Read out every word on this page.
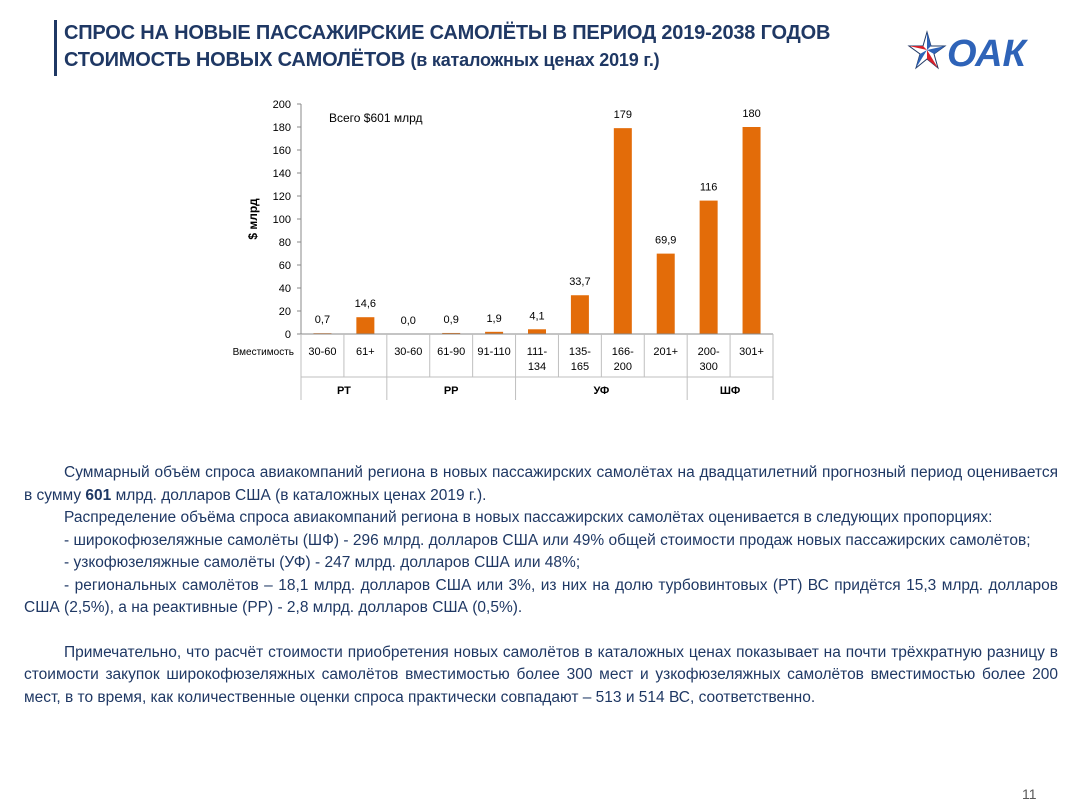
СПРОС НА НОВЫЕ ПАССАЖИРСКИЕ САМОЛЁТЫ В ПЕРИОД 2019-2038 ГОДОВ
СТОИМОСТЬ НОВЫХ САМОЛЁТОВ (в каталожных ценах 2019 г.)	ОАК
0
20
40
60
80
100
120
140
160
180
200
$ млрд
Всего $601 млрд
0,7
14,6
0,0	0,9	1,9	4,1
33,7
179
69,9
116
180
30-60 61+ 30-60 61-90 91-110 111-
134
135-
165
166-
200
201+ 200-
300
301+
РТ	РР	УФ	ШФ
Вместимость

Суммарный объём спроса авиакомпаний региона в новых пассажирских самолётах на двадцатилетний прогнозный период оценивается в сумму 601 млрд. долларов США (в каталожных ценах 2019 г.).

Распределение объёма спроса авиакомпаний региона в новых пассажирских самолётах оценивается в следующих пропорциях:

- широкофюзеляжные самолёты (ШФ) - 296 млрд. долларов США или 49% общей стоимости продаж новых пассажирских самолётов;

- узкофюзеляжные самолёты (УФ) - 247 млрд. долларов США или 48%;

- региональных самолётов – 18,1 млрд. долларов США или 3%, из них на долю турбовинтовых (РТ) ВС придётся 15,3 млрд. долларов США (2,5%), а на реактивные (РР) - 2,8 млрд. долларов США (0,5%).

Примечательно, что расчёт стоимости приобретения новых самолётов в каталожных ценах показывает на почти трёхкратную разницу в стоимости закупок широкофюзеляжных самолётов вместимостью более 300 мест и узкофюзеляжных самолётов вместимостью более 200 мест, в то время, как количественные оценки спроса практически совпадают – 513 и 514 ВС, соответственно.

11
